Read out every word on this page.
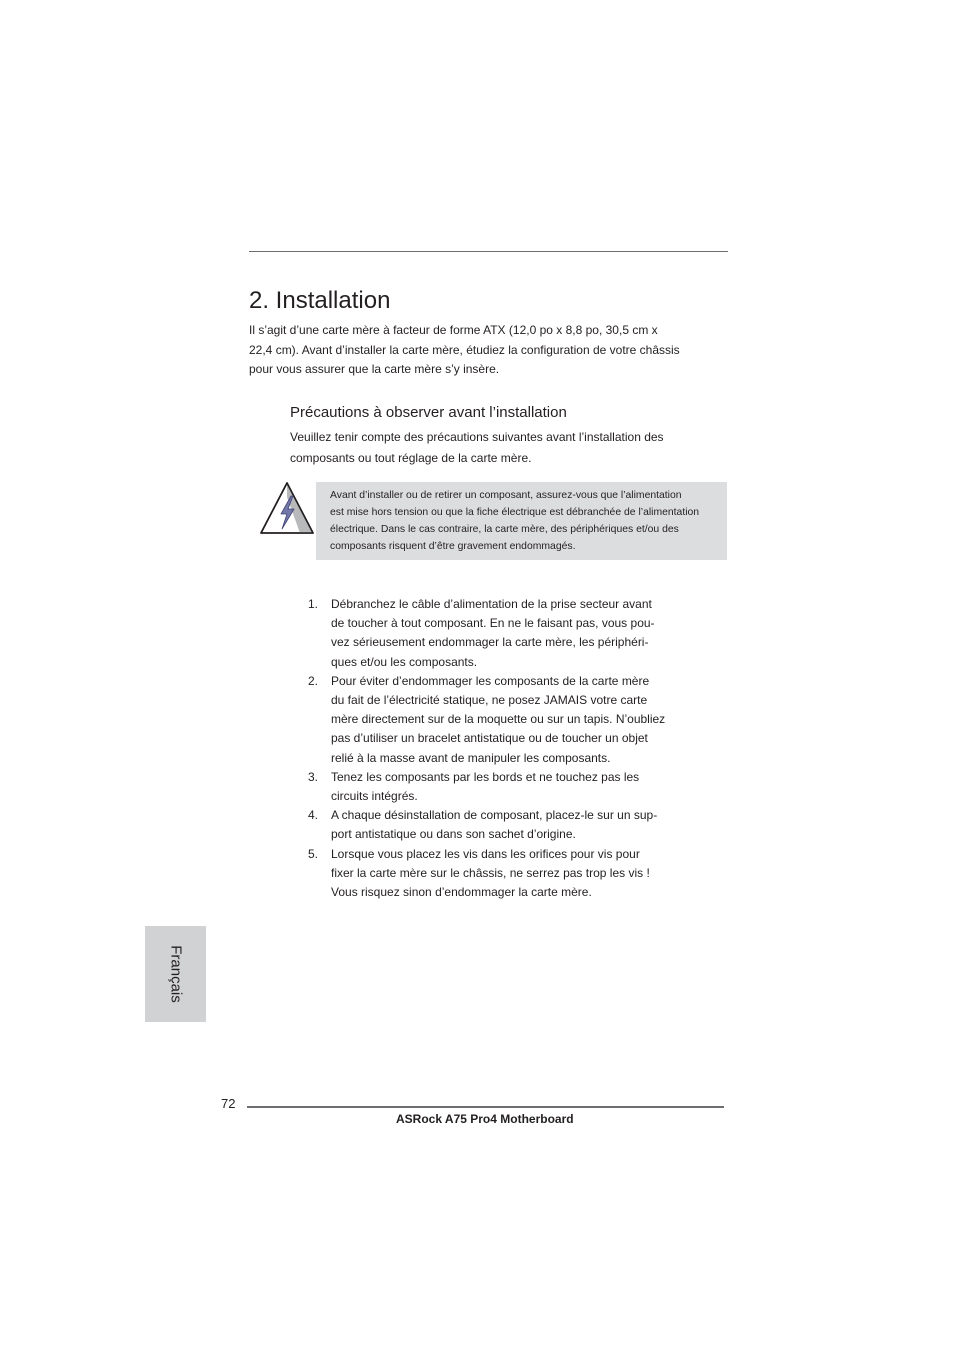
2. Installation

Il s’agit d’une carte mère à facteur de forme ATX (12,0 po x 8,8 po, 30,5 cm x
22,4 cm). Avant d’installer la carte mère, étudiez la configuration de votre châssis
pour vous assurer que la carte mère s’y insère.

Précautions à observer avant l’installation

Veuillez tenir compte des précautions suivantes avant l’installation des
composants ou tout réglage de la carte mère.

Avant d’installer ou de retirer un composant, assurez-vous que l’alimentation
est mise hors tension ou que la fiche électrique est débranchée de l’alimentation
électrique. Dans le cas contraire, la carte mère, des périphériques et/ou des
composants risquent d’être gravement endommagés.

1. Débranchez le câble d’alimentation de la prise secteur avant
de toucher à tout composant. En ne le faisant pas, vous pou-
vez sérieusement endommager la carte mère, les périphéri-
ques et/ou les composants.
2. Pour éviter d’endommager les composants de la carte mère
du fait de l’électricité statique, ne posez JAMAIS votre carte
mère directement sur de la moquette ou sur un tapis. N’oubliez
pas d’utiliser un bracelet antistatique ou de toucher un objet
relié à la masse avant de manipuler les composants.
3. Tenez les composants par les bords et ne touchez pas les
circuits intégrés.
4. A chaque désinstallation de composant, placez-le sur un sup-
port antistatique ou dans son sachet d’origine.
5. Lorsque vous placez les vis dans les orifices pour vis pour
fixer la carte mère sur le châssis, ne serrez pas trop les vis !
Vous risquez sinon d’endommager la carte mère.
Français
72
ASRock A75 Pro4 Motherboard
